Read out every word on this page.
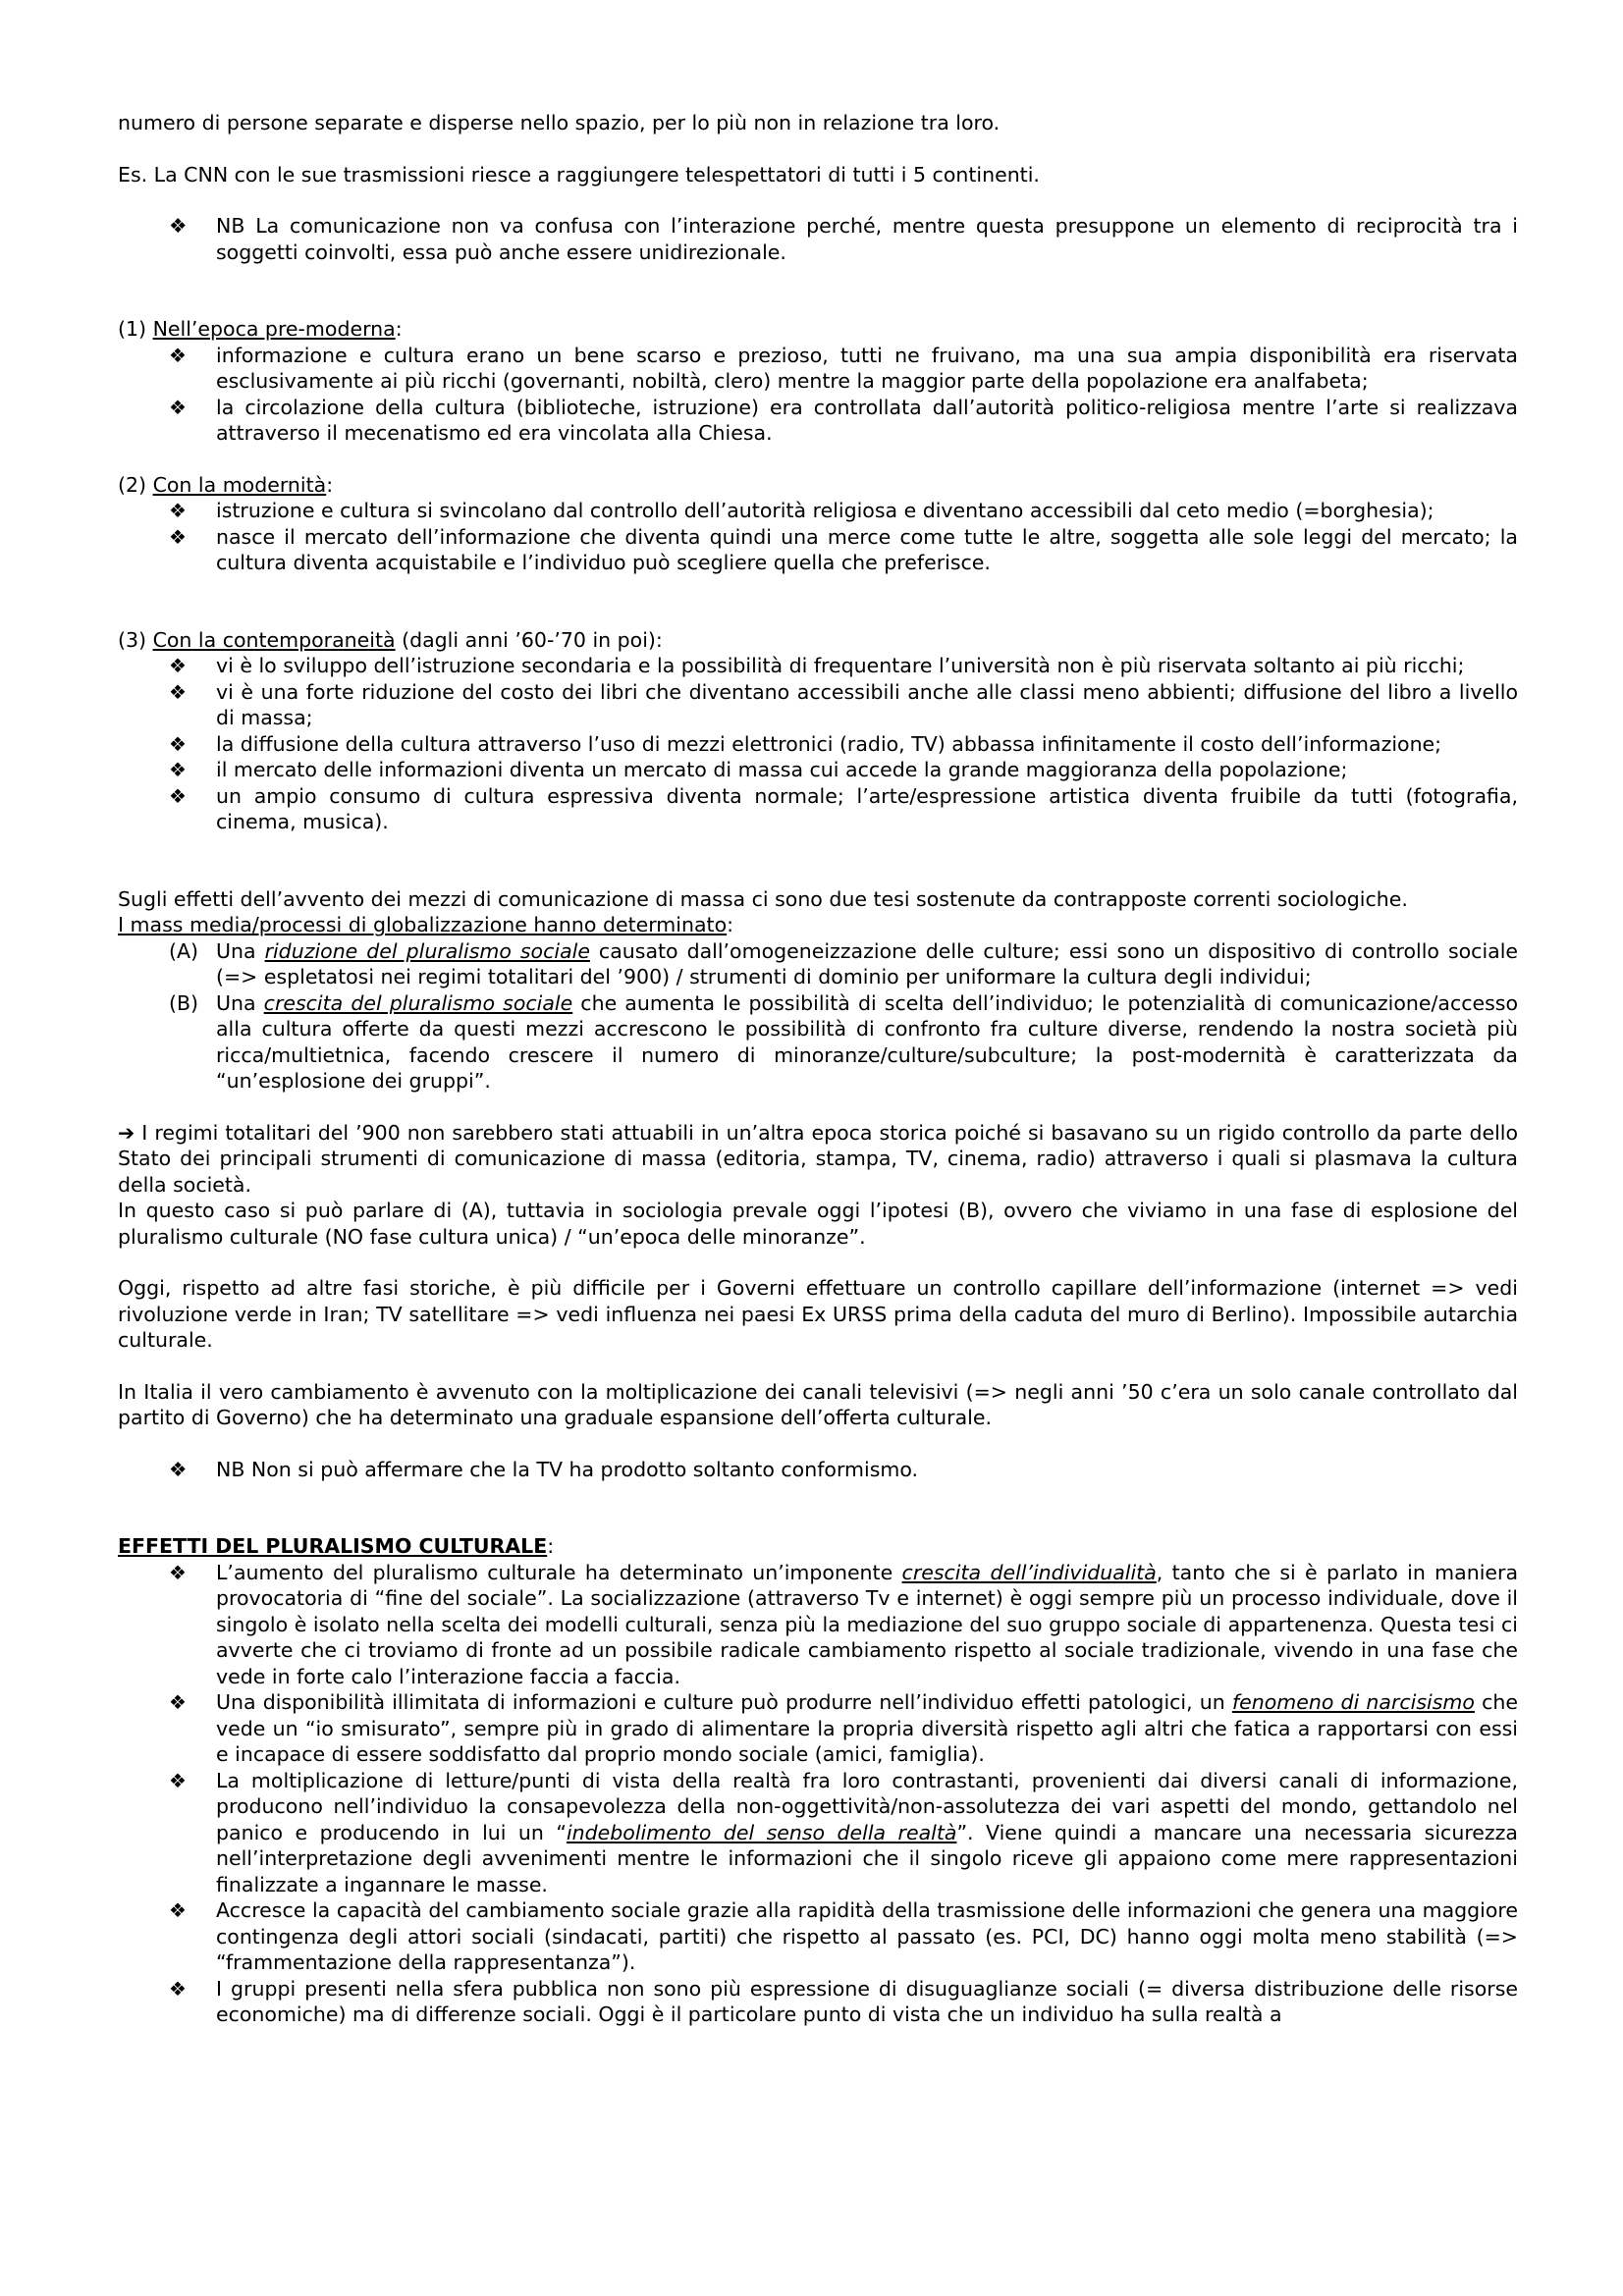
numero di persone separate e disperse nello spazio, per lo più non in relazione tra loro.

Es. La CNN con le sue trasmissioni riesce a raggiungere telespettatori di tutti i 5 continenti.

❖ NB La comunicazione non va confusa con l’interazione perché, mentre questa presuppone un elemento di reciprocità tra i soggetti coinvolti, essa può anche essere unidirezionale.

(1) Nell’epoca pre-moderna:

❖ informazione e cultura erano un bene scarso e prezioso, tutti ne fruivano, ma una sua ampia disponibilità era riservata esclusivamente ai più ricchi (governanti, nobiltà, clero) mentre la maggior parte della popolazione era analfabeta;

❖ la circolazione della cultura (biblioteche, istruzione) era controllata dall’autorità politico-religiosa mentre l’arte si realizzava attraverso il mecenatismo ed era vincolata alla Chiesa.

(2) Con la modernità:

❖ istruzione e cultura si svincolano dal controllo dell’autorità religiosa e diventano accessibili dal ceto medio (=borghesia);

❖ nasce il mercato dell’informazione che diventa quindi una merce come tutte le altre, soggetta alle sole leggi del mercato; la cultura diventa acquistabile e l’individuo può scegliere quella che preferisce.

(3) Con la contemporaneità (dagli anni ’60-’70 in poi):

❖ vi è lo sviluppo dell’istruzione secondaria e la possibilità di frequentare l’università non è più riservata soltanto ai più ricchi;

❖ vi è una forte riduzione del costo dei libri che diventano accessibili anche alle classi meno abbienti; diffusione del libro a livello di massa;

❖ la diffusione della cultura attraverso l’uso di mezzi elettronici (radio, TV) abbassa infinitamente il costo dell’informazione;

❖ il mercato delle informazioni diventa un mercato di massa cui accede la grande maggioranza della popolazione;

❖ un ampio consumo di cultura espressiva diventa normale; l’arte/espressione artistica diventa fruibile da tutti (fotografia, cinema, musica).

Sugli effetti dell’avvento dei mezzi di comunicazione di massa ci sono due tesi sostenute da contrapposte correnti sociologiche.

I mass media/processi di globalizzazione hanno determinato:

(A) Una riduzione del pluralismo sociale causato dall’omogeneizzazione delle culture; essi sono un dispositivo di controllo sociale (=> espletatosi nei regimi totalitari del ’900) / strumenti di dominio per uniformare la cultura degli individui;

(B) Una crescita del pluralismo sociale che aumenta le possibilità di scelta dell’individuo; le potenzialità di comunicazione/accesso alla cultura offerte da questi mezzi accrescono le possibilità di confronto fra culture diverse, rendendo la nostra società più ricca/multietnica, facendo crescere il numero di minoranze/culture/subculture; la post-modernità è caratterizzata da “un’esplosione dei gruppi”.

➔ I regimi totalitari del ’900 non sarebbero stati attuabili in un’altra epoca storica poiché si basavano su un rigido controllo da parte dello Stato dei principali strumenti di comunicazione di massa (editoria, stampa, TV, cinema, radio) attraverso i quali si plasmava la cultura della società.

In questo caso si può parlare di (A), tuttavia in sociologia prevale oggi l’ipotesi (B), ovvero che viviamo in una fase di esplosione del pluralismo culturale (NO fase cultura unica) / “un’epoca delle minoranze”.

Oggi, rispetto ad altre fasi storiche, è più difficile per i Governi effettuare un controllo capillare dell’informazione (internet => vedi rivoluzione verde in Iran; TV satellitare => vedi influenza nei paesi Ex URSS prima della caduta del muro di Berlino). Impossibile autarchia culturale.

In Italia il vero cambiamento è avvenuto con la moltiplicazione dei canali televisivi (=> negli anni ’50 c’era un solo canale controllato dal partito di Governo) che ha determinato una graduale espansione dell’offerta culturale.

❖ NB Non si può affermare che la TV ha prodotto soltanto conformismo.

EFFETTI DEL PLURALISMO CULTURALE:

❖ L’aumento del pluralismo culturale ha determinato un’imponente crescita dell’individualità, tanto che si è parlato in maniera provocatoria di “fine del sociale”. La socializzazione (attraverso Tv e internet) è oggi sempre più un processo individuale, dove il singolo è isolato nella scelta dei modelli culturali, senza più la mediazione del suo gruppo sociale di appartenenza. Questa tesi ci avverte che ci troviamo di fronte ad un possibile radicale cambiamento rispetto al sociale tradizionale, vivendo in una fase che vede in forte calo l’interazione faccia a faccia.

❖ Una disponibilità illimitata di informazioni e culture può produrre nell’individuo effetti patologici, un fenomeno di narcisismo che vede un “io smisurato”, sempre più in grado di alimentare la propria diversità rispetto agli altri che fatica a rapportarsi con essi e incapace di essere soddisfatto dal proprio mondo sociale (amici, famiglia).

❖ La moltiplicazione di letture/punti di vista della realtà fra loro contrastanti, provenienti dai diversi canali di informazione, producono nell’individuo la consapevolezza della non-oggettività/non-assolutezza dei vari aspetti del mondo, gettandolo nel panico e producendo in lui un “indebolimento del senso della realtà”. Viene quindi a mancare una necessaria sicurezza nell’interpretazione degli avvenimenti mentre le informazioni che il singolo riceve gli appaiono come mere rappresentazioni finalizzate a ingannare le masse.

❖ Accresce la capacità del cambiamento sociale grazie alla rapidità della trasmissione delle informazioni che genera una maggiore contingenza degli attori sociali (sindacati, partiti) che rispetto al passato (es. PCI, DC) hanno oggi molta meno stabilità (=> “frammentazione della rappresentanza”).

❖ I gruppi presenti nella sfera pubblica non sono più espressione di disuguaglianze sociali (= diversa distribuzione delle risorse economiche) ma di differenze sociali. Oggi è il particolare punto di vista che un individuo ha sulla realtà a
